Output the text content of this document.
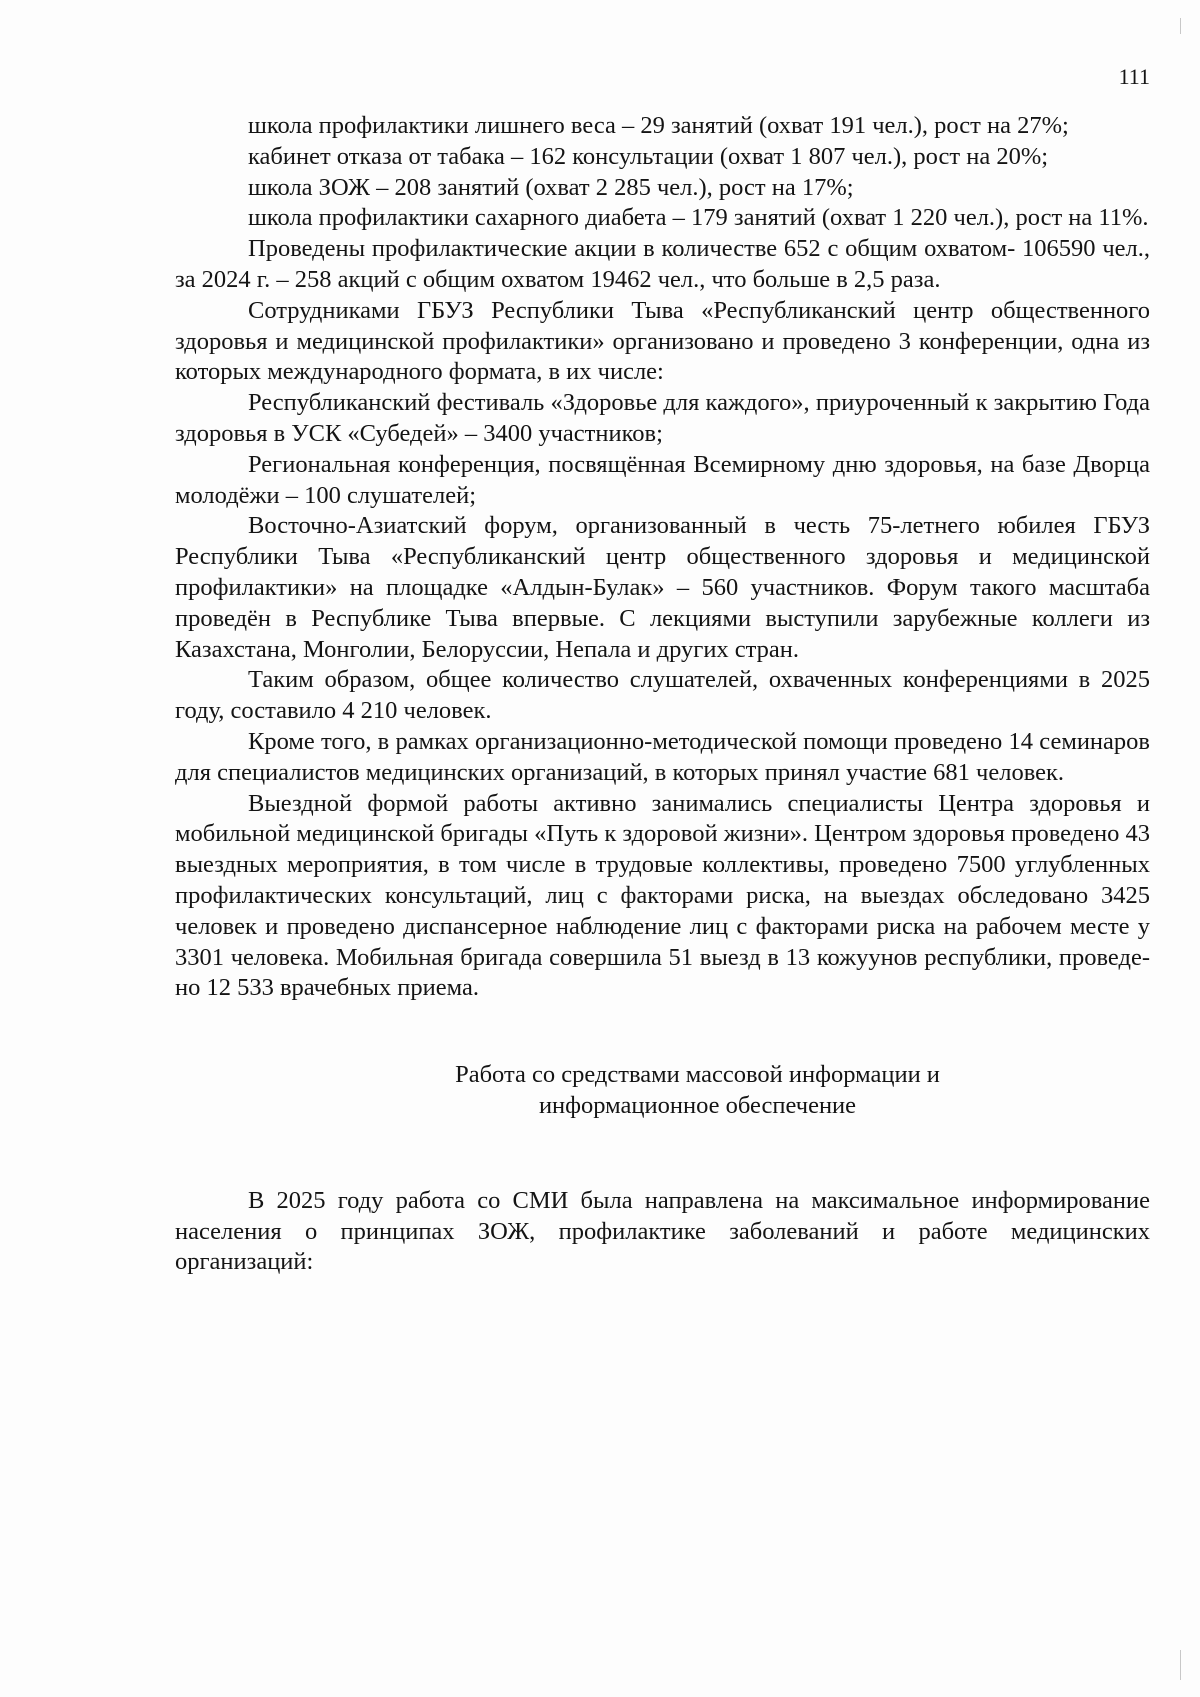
111

школа профилактики лишнего веса – 29 занятий (охват 191 чел.), рост на 27%;

кабинет отказа от табака – 162 консультации (охват 1 807 чел.), рост на 20%;

школа ЗОЖ – 208 занятий (охват 2 285 чел.), рост на 17%;

школа профилактики сахарного диабета – 179 занятий (охват 1 220 чел.), рост на 11%.

Проведены профилактические акции в количестве 652 с общим охватом- 106590 чел., за 2024 г. – 258 акций с общим охватом 19462 чел., что больше в 2,5 раза.

Сотрудниками ГБУЗ Республики Тыва «Республиканский центр общественного здоровья и медицинской профилактики» организовано и проведено 3 конференции, одна из которых международного формата, в их числе:

Республиканский фестиваль «Здоровье для каждого», приуроченный к закрытию Года здоровья в УСК «Субедей» – 3400 участников;

Региональная конференция, посвящённая Всемирному дню здоровья, на базе Дворца молодёжи – 100 слушателей;

Восточно-Азиатский форум, организованный в честь 75-летнего юбилея ГБУЗ Республики Тыва «Республиканский центр общественного здоровья и медицинской профилактики» на площадке «Алдын-Булак» – 560 участников. Форум такого масштаба проведён в Республике Тыва впервые. С лекциями выступили зарубежные коллеги из Казахстана, Монголии, Белоруссии, Непала и других стран.

Таким образом, общее количество слушателей, охваченных конференциями в 2025 году, составило 4 210 человек.

Кроме того, в рамках организационно-методической помощи проведено 14 семинаров для специалистов медицинских организаций, в которых принял участие 681 человек.

Выездной формой работы активно занимались специалисты Центра здоровья и мобильной медицинской бригады «Путь к здоровой жизни». Центром здоровья проведено 43 выездных мероприятия, в том числе в трудовые коллективы, проведено 7500 углубленных профилактических консультаций, лиц с факторами риска, на выездах обследовано 3425 человек и проведено диспансерное наблюдение лиц с факторами риска на рабочем месте у 3301 человека. Мобильная бригада совершила 51 выезд в 13 кожуунов республики, проведено 12 533 врачебных приема.

Работа со средствами массовой информации и
информационное обеспечение

В 2025 году работа со СМИ была направлена на максимальное информирование населения о принципах ЗОЖ, профилактике заболеваний и работе медицинских организаций:
